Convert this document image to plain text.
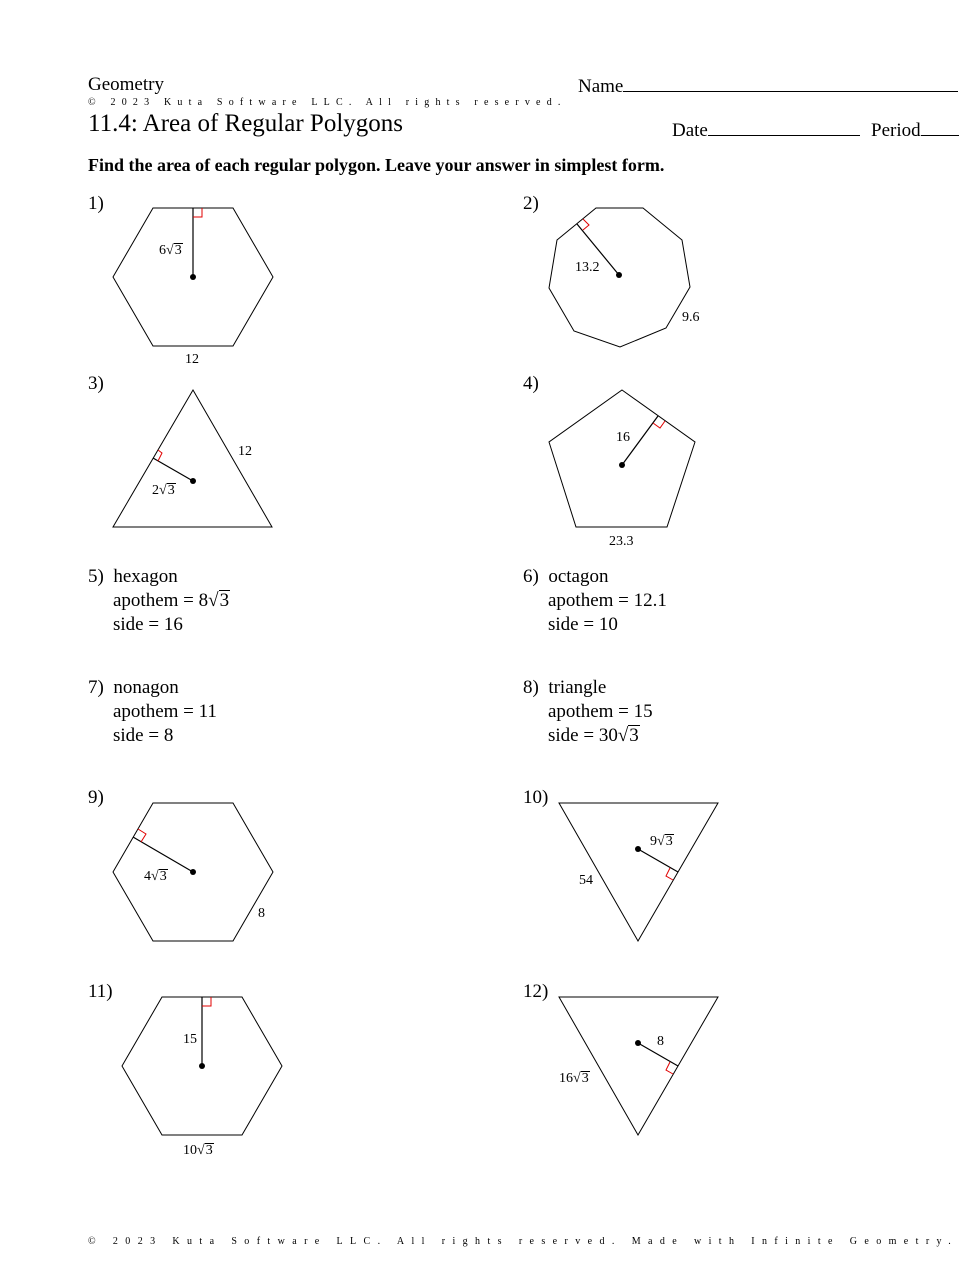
Geometry	Name
© 2023 Kuta Software LLC. All rights reserved.
11.4: Area of Regular Polygons	Date	Period
Find the area of each regular polygon. Leave your answer in simplest form.
1)	2)
3)	4)
9)	10)
11)	12)
5) hexagon
apothem = 8√3
side = 16
6) octagon
apothem = 12.1
side = 10
7) nonagon
apothem = 11
side = 8
8) triangle
apothem = 15
side = 30√3
6√3
12
13.2
9.6
2√3
12
16
23.3
4√3
8
9√3
54
15
10√3
8
16√3
© 2023 Kuta Software LLC. All rights reserved. Made with Infinite Geometry.
